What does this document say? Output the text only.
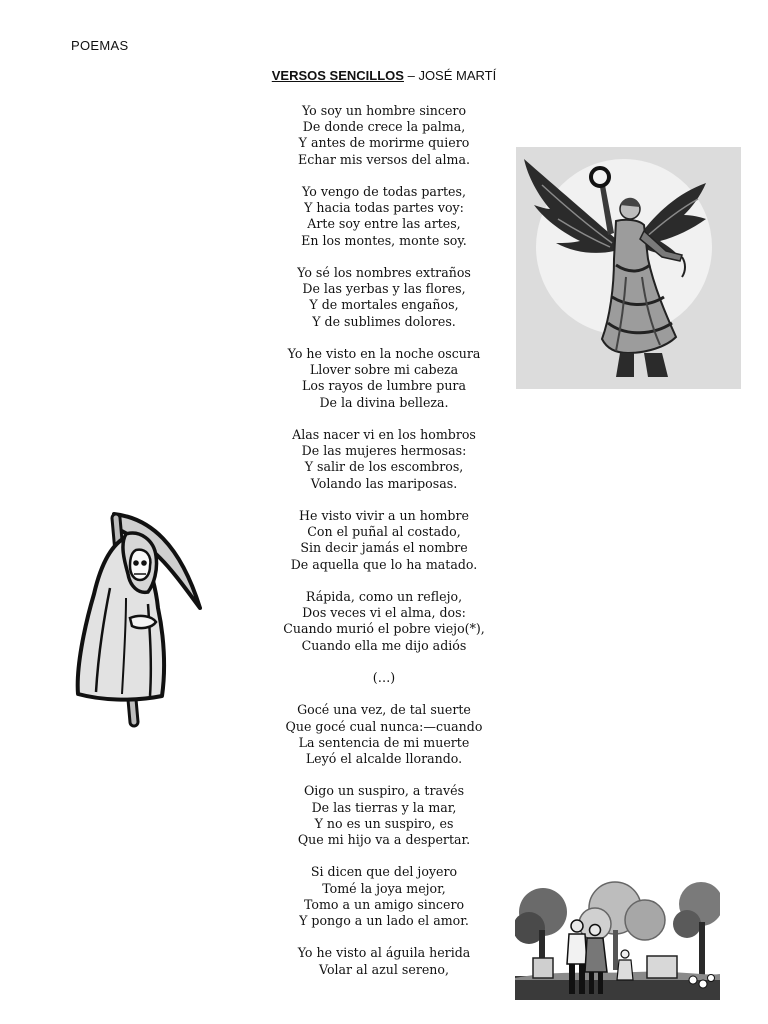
POEMAS
VERSOS SENCILLOS – JOSÉ MARTÍ

Yo soy un hombre sincero

De donde crece la palma,

Y antes de morirme quiero

Echar mis versos del alma.

Yo vengo de todas partes,

Y hacia todas partes voy:

Arte soy entre las artes,

En los montes, monte soy.

Yo sé los nombres extraños

De las yerbas y las flores,

Y de mortales engaños,

Y de sublimes dolores.

Yo he visto en la noche oscura

Llover sobre mi cabeza

Los rayos de lumbre pura

De la divina belleza.

Alas nacer vi en los hombros

De las mujeres hermosas:

Y salir de los escombros,

Volando las mariposas.

He visto vivir a un hombre

Con el puñal al costado,

Sin decir jamás el nombre

De aquella que lo ha matado.

Rápida, como un reflejo,

Dos veces vi el alma, dos:

Cuando murió el pobre viejo(*),

Cuando ella me dijo adiós

(…)

Gocé una vez, de tal suerte

Que gocé cual nunca:—cuando

La sentencia de mi muerte

Leyó el alcalde llorando.

Oigo un suspiro, a través

De las tierras y la mar,

Y no es un suspiro, es

Que mi hijo va a despertar.

Si dicen que del joyero

Tomé la joya mejor,

Tomo a un amigo sincero

Y pongo a un lado el amor.

Yo he visto al águila herida

Volar al azul sereno,
